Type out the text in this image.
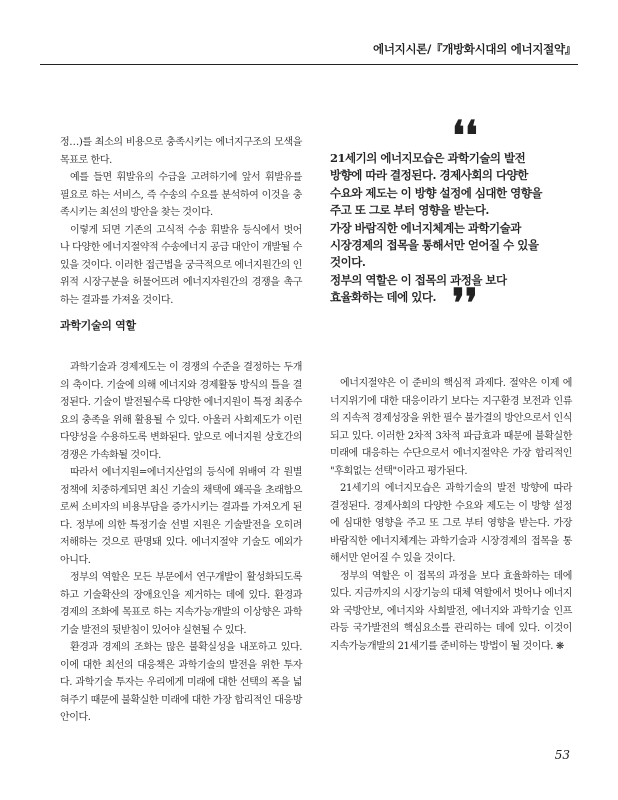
에너지시론/『개방화시대의 에너지절약』

정…)를 최소의 비용으로 충족시키는 에너지구조의 모색을 목표로 한다.

예를 들면 휘발유의 수급을 고려하기에 앞서 휘발유를 필요로 하는 서비스, 즉 수송의 수요를 분석하여 이것을 충족시키는 최선의 방안을 찾는 것이다.

이렇게 되면 기존의 고식적 수송 휘발유 등식에서 벗어나 다양한 에너지절약적 수송에너지 공급 대안이 개발될 수 있을 것이다. 이러한 접근법을 궁극적으로 에너지원간의 인위적 시장구분을 허물어뜨려 에너지자원간의 경쟁을 촉구하는 결과를 가져올 것이다.

과학기술의 역할

과학기술과 경제제도는 이 경쟁의 수준을 결정하는 두개의 축이다. 기술에 의해 에너지와 경제활동 방식의 틀을 결정된다. 기술이 발전될수록 다양한 에너지원이 특정 최종수요의 충족을 위해 활용될 수 있다. 아울러 사회제도가 이런 다양성을 수용하도록 변화된다. 앞으로 에너지원 상호간의 경쟁은 가속화될 것이다.

따라서 에너지원=에너지산업의 등식에 위배여 각 원별 정책에 치중하게되면 최신 기술의 채택에 왜곡을 초래함으로써 소비자의 비용부담을 증가시키는 결과를 가져오게 된다. 정부에 의한 특정기술 선별 지원은 기술발전을 오히려 저해하는 것으로 판명돼 있다. 에너지절약 기술도 예외가 아니다.

정부의 역할은 모든 부문에서 연구개발이 활성화되도록 하고 기술확산의 장애요인을 제거하는 데에 있다. 환경과 경제의 조화에 목표로 하는 지속가능개발의 이상향은 과학기술 발전의 뒷받침이 있어야 실현될 수 있다.

환경과 경제의 조화는 많은 불확실성을 내포하고 있다. 이에 대한 최선의 대응책은 과학기술의 발전을 위한 투자다. 과학기술 투자는 우리에게 미래에 대한 선택의 폭을 넓혀주기 때문에 불확실한 미래에 대한 가장 합리적인 대응방안이다.

❛❛
21세기의 에너지모습은 과학기술의 발전
방향에 따라 결정된다. 경제사회의 다양한
수요와 제도는 이 방향 설정에 심대한 영향을
주고 또 그로 부터 영향을 받는다.
가장 바람직한 에너지체계는 과학기술과
시장경제의 접목을 통해서만 얻어질 수 있을
것이다.
정부의 역할은 이 접목의 과정을 보다
효율화하는 데에 있다. ❜❜

에너지절약은 이 준비의 핵심적 과제다. 절약은 이제 에너지위기에 대한 대응이라기 보다는 지구환경 보전과 인류의 지속적 경제성장을 위한 필수 불가결의 방안으로서 인식되고 있다. 이러한 2차적 3차적 파급효과 때문에 불확실한 미래에 대응하는 수단으로서 에너지절약은 가장 합리적인 "후회없는 선택"이라고 평가된다.

21세기의 에너지모습은 과학기술의 발전 방향에 따라 결정된다. 경제사회의 다양한 수요와 제도는 이 방향 설정에 심대한 영향을 주고 또 그로 부터 영향을 받는다. 가장 바람직한 에너지체계는 과학기술과 시장경제의 접목을 통해서만 얻어질 수 있을 것이다.

정부의 역할은 이 접목의 과정을 보다 효율화하는 데에 있다. 지금까지의 시장기능의 대체 역할에서 벗어나 에너지와 국방안보, 에너지와 사회발전, 에너지와 과학기술 인프라등 국가발전의 핵심요소를 관리하는 데에 있다. 이것이 지속가능개발의 21세기를 준비하는 방법이 될 것이다. ❋

53
